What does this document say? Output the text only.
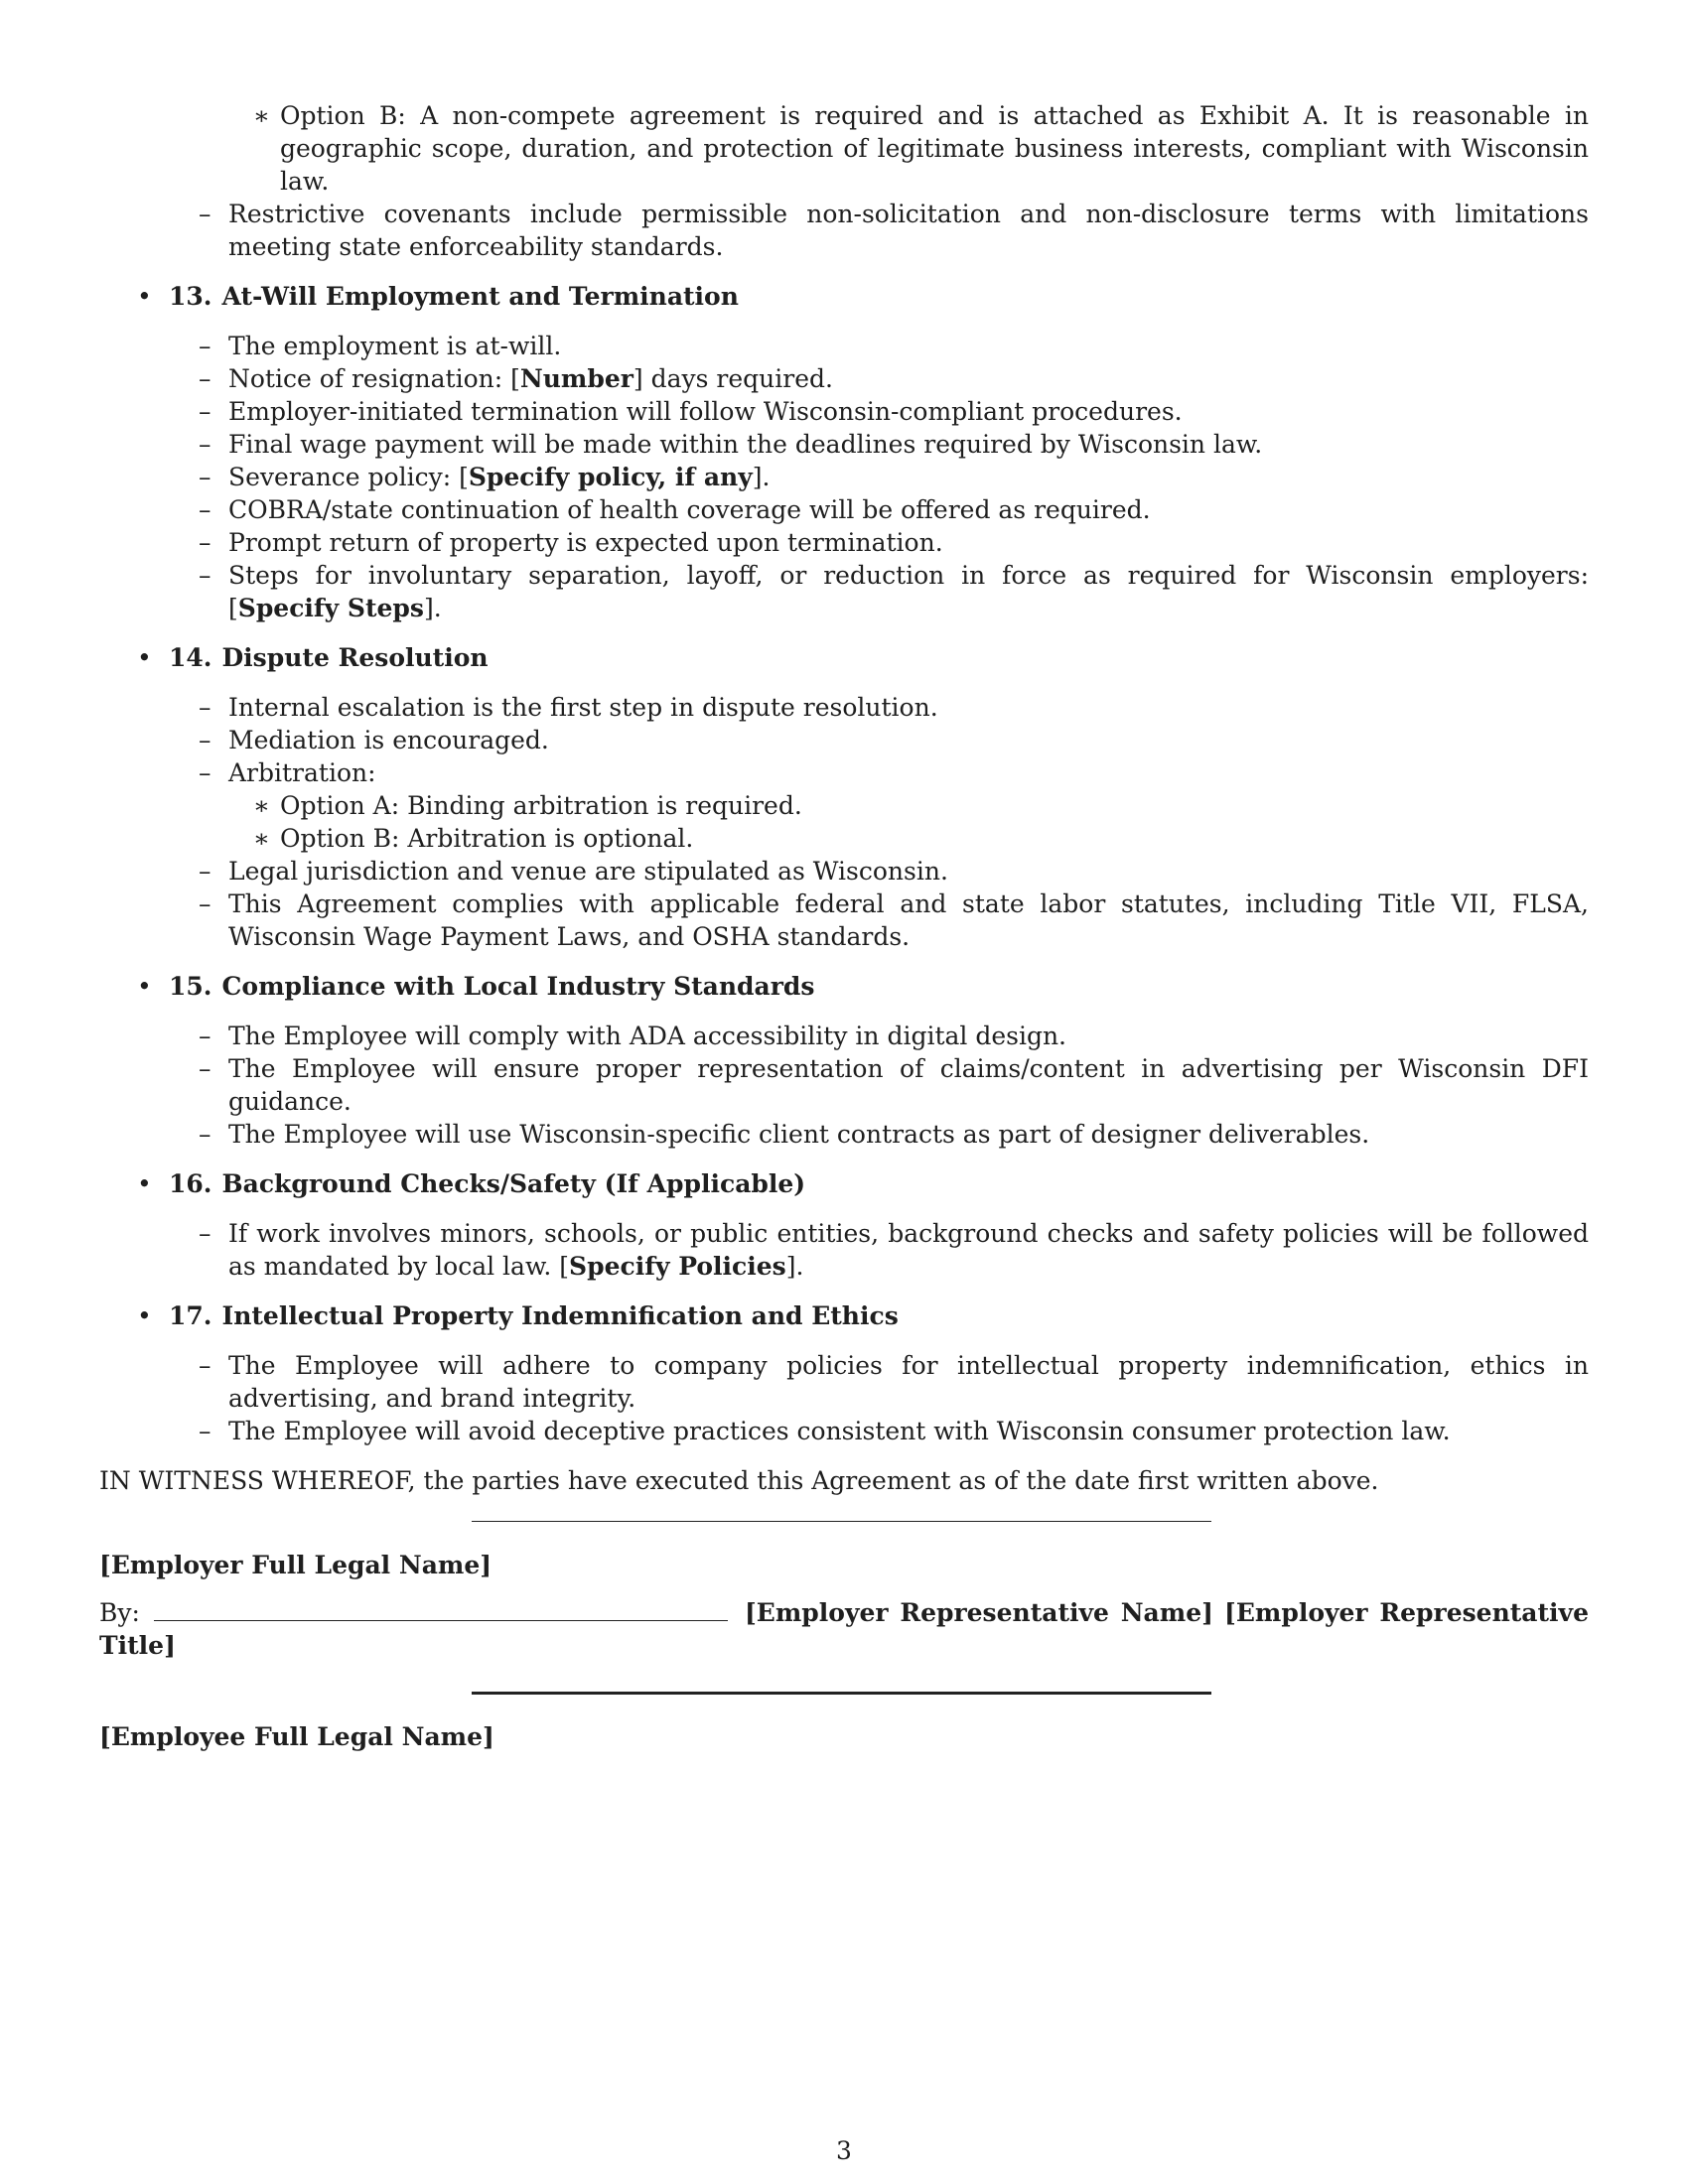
∗ Option B: A non-compete agreement is required and is attached as Exhibit A. It is reasonable in geographic scope, duration, and protection of legitimate business interests, compliant with Wisconsin law.
– Restrictive covenants include permissible non-solicitation and non-disclosure terms with limitations meeting state enforceability standards.
• 13. At-Will Employment and Termination
– The employment is at-will.
– Notice of resignation: [Number] days required.
– Employer-initiated termination will follow Wisconsin-compliant procedures.
– Final wage payment will be made within the deadlines required by Wisconsin law.
– Severance policy: [Specify policy, if any].
– COBRA/state continuation of health coverage will be offered as required.
– Prompt return of property is expected upon termination.
– Steps for involuntary separation, layoff, or reduction in force as required for Wisconsin employers: [Specify Steps].
• 14. Dispute Resolution
– Internal escalation is the first step in dispute resolution.
– Mediation is encouraged.
– Arbitration:
∗ Option A: Binding arbitration is required.
∗ Option B: Arbitration is optional.
– Legal jurisdiction and venue are stipulated as Wisconsin.
– This Agreement complies with applicable federal and state labor statutes, including Title VII, FLSA, Wisconsin Wage Payment Laws, and OSHA standards.
• 15. Compliance with Local Industry Standards
– The Employee will comply with ADA accessibility in digital design.
– The Employee will ensure proper representation of claims/content in advertising per Wisconsin DFI guidance.
– The Employee will use Wisconsin-specific client contracts as part of designer deliverables.
• 16. Background Checks/Safety (If Applicable)
– If work involves minors, schools, or public entities, background checks and safety policies will be followed as mandated by local law. [Specify Policies].
• 17. Intellectual Property Indemnification and Ethics
– The Employee will adhere to company policies for intellectual property indemnification, ethics in advertising, and brand integrity.
– The Employee will avoid deceptive practices consistent with Wisconsin consumer protection law.
IN WITNESS WHEREOF, the parties have executed this Agreement as of the date first written above.
[Employer Full Legal Name]
By:	[Employer Representative Name] [Employer Representative Title]
[Employee Full Legal Name]
3
